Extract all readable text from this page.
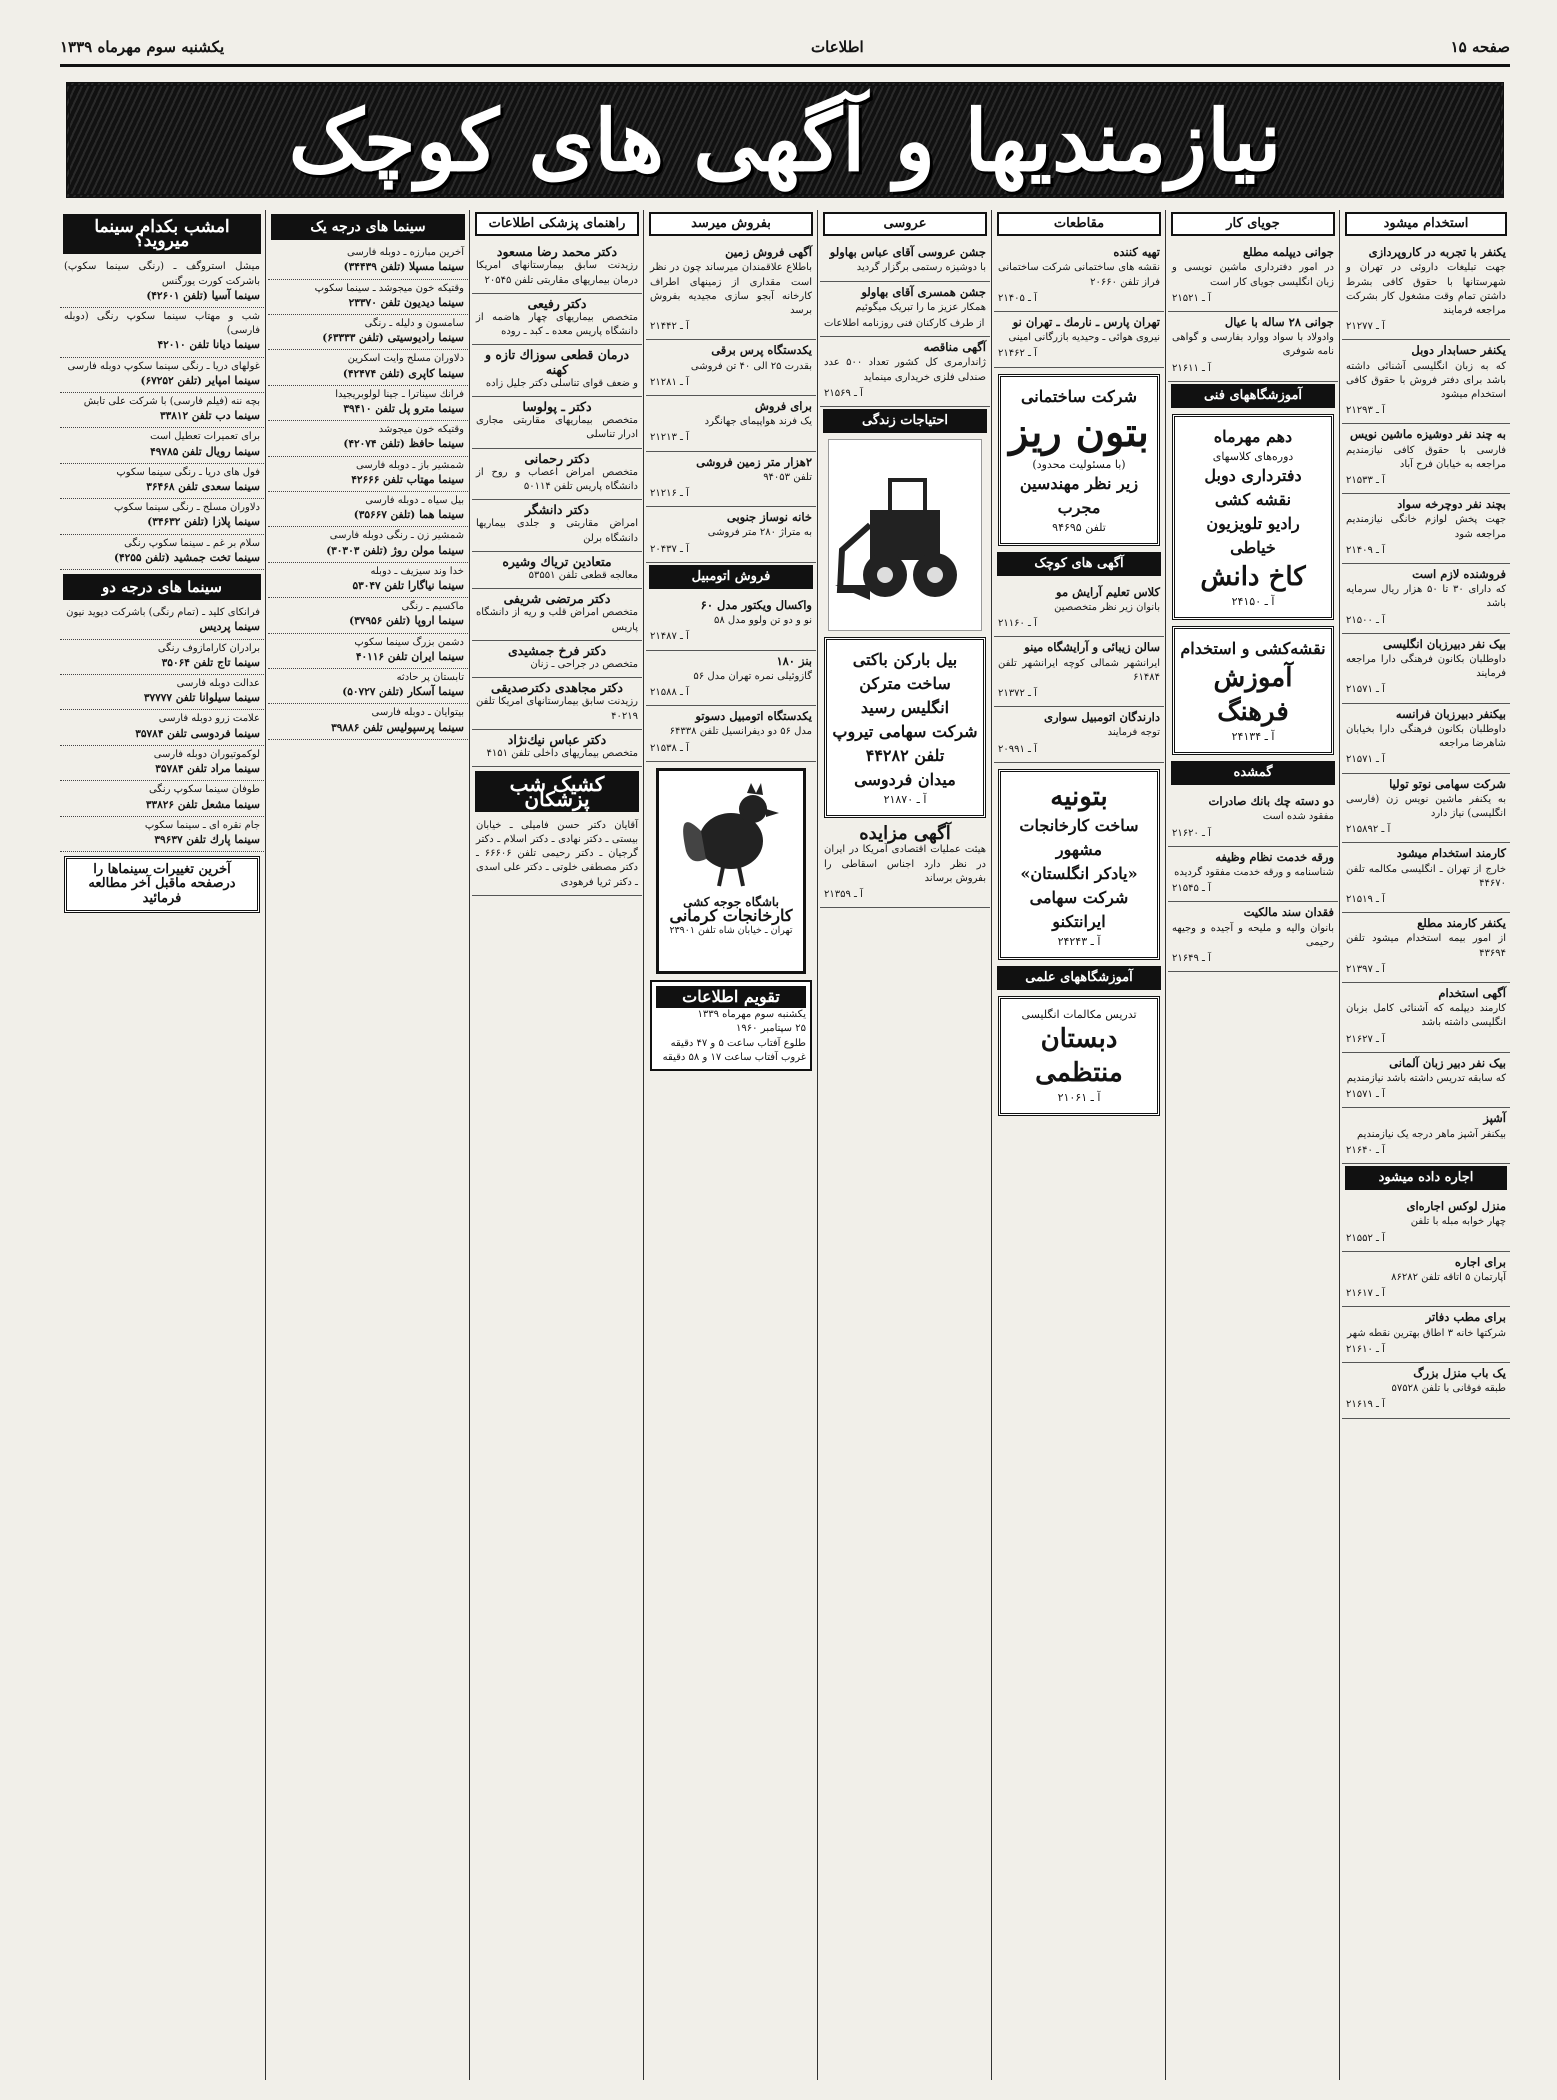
صفحه ۱۵
اطلاعات
یکشنبه سوم مهرماه ۱۳۳۹
نیازمندیها و آگهی های کوچک
استخدام میشود
یکنفر با تجربه در کاروپردازی
جهت تبلیغات داروئی در تهران و شهرستانها با حقوق کافی بشرط داشتن تمام وقت مشغول کار بشرکت مراجعه فرمایند
آ ـ ۲۱۲۷۷
یکنفر حسابدار دوبل
که به زبان انگلیسی آشنائی داشته باشد برای دفتر فروش با حقوق کافی استخدام میشود
آ ـ ۲۱۲۹۳
به چند نفر دوشیزه ماشین نویس
فارسی با حقوق کافی نیازمندیم مراجعه به خیابان فرح آباد
آ ـ ۲۱۵۳۳
بچند نفر دوچرخه سواد
جهت پخش لوازم خانگی نیازمندیم مراجعه شود
آ ـ ۲۱۴۰۹
فروشنده لازم است
که دارای ۳۰ تا ۵۰ هزار ریال سرمایه باشد
آ ـ ۲۱۵۰۰
بیک نفر دبیرزبان انگلیسی
داوطلبان بکانون فرهنگی دارا مراجعه فرمایند
آ ـ ۲۱۵۷۱
بیکنفر دبیرزبان فرانسه
داوطلبان بکانون فرهنگی دارا بخیابان شاهرضا مراجعه
آ ـ ۲۱۵۷۱
شرکت سهامی نوتو تولیا
به یکنفر ماشین نویس زن (فارسی انگلیسی) نیاز دارد
آ ـ ۲۱۵۸۹۲
کارمند استخدام میشود
خارج از تهران ـ انگلیسی مکالمه تلفن ۴۴۶۷۰
آ ـ ۲۱۵۱۹
یکنفر کارمند مطلع
از امور بیمه استخدام میشود تلفن ۴۳۶۹۴
آ ـ ۲۱۳۹۷
آگهی استخدام
کارمند دیپلمه که آشنائی کامل بزبان انگلیسی داشته باشد
آ ـ ۲۱۶۲۷
بیک نفر دبیر زبان آلمانی
که سابقه تدریس داشته باشد نیازمندیم
آ ـ ۲۱۵۷۱
آشپز
بیکنفر آشپز ماهر درجه یک نیازمندیم
آ ـ ۲۱۶۴۰
اجاره داده میشود
منزل لوکس اجاره‌ای
چهار خوابه مبله با تلفن
آ ـ ۲۱۵۵۲
برای اجاره
آپارتمان ۵ اتاقه تلفن ۸۶۲۸۲
آ ـ ۲۱۶۱۷
برای مطب دفاتر
شرکتها خانه ۳ اطاق بهترین نقطه شهر
آ ـ ۲۱۶۱۰
یک باب منزل بزرگ
طبقه فوقانی با تلفن ۵۷۵۲۸
آ ـ ۲۱۶۱۹
جویای کار
جوانی دیپلمه مطلع
در امور دفترداری ماشین نویسی و زبان انگلیسی جویای کار است
آ ـ ۲۱۵۲۱
جوانی ۲۸ ساله با عیال
وادولاد با سواد ووارد بفارسی و گواهی نامه شوفری
آ ـ ۲۱۶۱۱
آموزشگاههای فنی
دهم مهرماه
دوره‌های کلاسهای
دفترداری دوبل
نقشه کشی
رادیو تلویزیون
خیاطی
کاخ دانش
آ ـ ۲۴۱۵۰
نقشه‌کشی و استخدام
آموزش فرهنگ
آ ـ ۲۴۱۳۴
گمشده
دو دسته چك بانك صادرات
مفقود شده است
آ ـ ۲۱۶۲۰
ورقه خدمت نظام وظیفه
شناسنامه و ورقه خدمت مفقود گردیده
آ ـ ۲۱۵۴۵
فقدان سند مالکیت
بانوان والیه و ملیحه و آجیده و وجیهه رحیمی
آ ـ ۲۱۶۴۹
مقاطعات
تهیه کننده
نقشه های ساختمانی شرکت ساختمانی فراز تلفن ۲۰۶۶۰
آ ـ ۲۱۴۰۵
تهران پارس ـ نارمك ـ تهران نو
نیروی هوائی ـ وحیدیه بازرگانی امینی
آ ـ ۲۱۴۶۲
شرکت ساختمانی
بتون ریز
(با مسئولیت محدود)
زیر نظر مهندسین مجرب
تلفن ۹۴۶۹۵
آگهی های کوچک
کلاس تعلیم آرایش مو
بانوان زیر نظر متخصصین
آ ـ ۲۱۱۶۰
سالن زیبائی و آرایشگاه مینو
ایرانشهر شمالی کوچه ایرانشهر تلفن ۶۱۴۸۴
آ ـ ۲۱۳۷۲
دارندگان اتومبیل سواری
توجه فرمایند
آ ـ ۲۰۹۹۱
بتونیه
ساخت کارخانجات مشهور
«یادکر انگلستان»
شرکت سهامی ایرانتکنو
آ ـ ۲۴۲۴۳
آموزشگاههای علمی
تدریس مکالمات انگلیسی
دبستان منتظمی
آ ـ ۲۱۰۶۱
عروسی
جشن عروسی آقای عباس بهاولو
با دوشیزه رستمی برگزار گردید
جشن همسری آقای بهاولو
همکار عزیز ما را تبریک میگوئیم
از طرف کارکنان فنی روزنامه اطلاعات
آگهی مناقصه
ژاندارمری کل کشور تعداد ۵۰۰ عدد صندلی فلزی خریداری مینماید
آ ـ ۲۱۵۶۹
احتیاجات زندگی
بیل بارکن باکتی ساخت مترکن
انگلیس رسید
شرکت سهامی تیروپ
تلفن ۴۴۲۸۲
میدان فردوسی
آ ـ ۲۱۸۷۰
آگهی مزایده
هیئت عملیات اقتصادی آمریکا در ایران در نظر دارد اجناس اسقاطی را بفروش برساند
آ ـ ۲۱۳۵۹
بفروش میرسد
آگهی فروش زمین
باطلاع علاقمندان میرساند چون در نظر است مقداری از زمینهای اطراف کارخانه آبجو سازی مجیدیه بفروش برسد
آ ـ ۲۱۴۴۲
یکدستگاه پرس برقی
بقدرت ۲۵ الی ۴۰ تن فروشی
آ ـ ۲۱۲۸۱
برای فروش
یک فرند هواپیمای جهانگرد
آ ـ ۲۱۲۱۳
۲هزار متر زمین فروشی
تلفن ۹۴۰۵۳
آ ـ ۲۱۲۱۶
خانه نوساز جنوبی
به متراژ ۲۸۰ متر فروشی
آ ـ ۲۰۴۳۷
فروش اتومبیل
واکسال ویکتور مدل ۶۰
نو و دو تن ولوو مدل ۵۸
آ ـ ۲۱۴۸۷
بنز ۱۸۰
گازوئیلی نمره تهران مدل ۵۶
آ ـ ۲۱۵۸۸
یکدستگاه اتومبیل دسوتو
مدل ۵۶ دو دیفرانسیل تلفن ۶۴۳۳۸
آ ـ ۲۱۵۳۸
باشگاه جوجه کشی
کارخانجات کرمانی
تهران ـ خیابان شاه تلفن ۲۳۹۰۱
تقویم اطلاعات
یکشنبه سوم مهرماه ۱۳۳۹
۲۵ سپتامبر ۱۹۶۰
طلوع آفتاب ساعت ۵ و ۴۷ دقیقه
غروب آفتاب ساعت ۱۷ و ۵۸ دقیقه
راهنمای پزشکی اطلاعات
دکتر محمد رضا مسعود
رزیدنت سابق بیمارستانهای امریکا درمان بیماریهای مقاربتی تلفن ۲۰۵۴۵
دکتر رفیعی
متخصص بیماریهای چهار هاضمه از دانشگاه پاریس معده ـ کبد ـ روده
درمان قطعی سوزاك تازه و کهنه
و ضعف قوای تناسلی دکتر جلیل زاده
دکتر ـ پولوسا
متخصص بیماریهای مقاربتی مجاری ادرار تناسلی
دکتر رحمانی
متخصص امراض اعصاب و روح از دانشگاه پاریس تلفن ۵۰۱۱۴
دکتر دانشگر
امراض مقاربتی و جلدی بیماریها دانشگاه برلن
متعادین تریاك وشیره
معالجه قطعی تلفن ۵۳۵۵۱
دکتر مرتضی شریفی
متخصص امراض قلب و ریه از دانشگاه پاریس
دکتر فرخ جمشیدی
متخصص در جراحی ـ زنان
دکتر مجاهدی دکترصدیقی
رزیدنت سابق بیمارستانهای امریکا تلفن ۴۰۲۱۹
دکتر عباس نیك‌نژاد
متخصص بیماریهای داخلی تلفن ۴۱۵۱
کشیک شب پزشکان
آقایان دکتر حسن فامیلی ـ خیابان بیستی ـ دکتر نهادی ـ دکتر اسلام ـ دکتر گرجیان ـ دکتر رحیمی تلفن ۶۶۶۰۶ ـ دکتر مصطفی خلوتی ـ دکتر علی اسدی ـ دکتر ثریا فرهودی
سینما های درجه یک
آخرین مبارزه ـ دوبله فارسی
سینما مسپلا (تلفن ۳۴۴۳۹)
وقتیکه خون میجوشد ـ سینما سکوپ
سینما دیدیون تلفن ۲۳۳۷۰
سامسون و دلیله ـ رنگی
سینما رادیوسیتی (تلفن ۶۳۳۳۳)
دلاوران مسلح وایت اسکرین
سینما کاپری (تلفن ۴۲۴۷۴)
فرانك سیناترا ـ جینا لولوبریجیدا
سینما مترو پل تلفن ۳۹۴۱۰
وقتیکه خون میجوشد
سینما حافظ (تلفن ۴۲۰۷۴)
شمشیر باز ـ دوبله فارسی
سینما مهتاب تلفن ۴۲۶۶۶
بیل سیاه ـ دوبله فارسی
سینما هما (تلفن ۳۵۶۶۷)
شمشیر زن ـ رنگی دوبله فارسی
سینما مولن روژ (تلفن ۳۰۳۰۳)
خدا وند سیزیف ـ دوبله
سینما نیاگارا تلفن ۵۳۰۴۷
ماکسیم ـ رنگی
سینما اروپا (تلفن ۳۷۹۵۶)
دشمن بزرگ سینما سکوپ
سینما ایران تلفن ۴۰۱۱۶
تابستان پر حادثه
سینما آسکار (تلفن ۵۰۷۲۷)
بیتوایان ـ دوبله فارسی
سینما پرسپولیس تلفن ۳۹۸۸۶
امشب بکدام سینما میروید؟
میشل استروگف ـ (رنگی سینما سکوپ) باشرکت کورت یورگنس
سینما آسیا (تلفن ۴۲۶۰۱)
شب و مهتاب سینما سکوپ رنگی (دوبله فارسی)
سینما دیانا تلفن ۴۲۰۱۰
غولهای دریا ـ رنگی سینما سکوپ دوبله فارسی
سینما امپایر (تلفن ۶۷۲۵۲)
بچه ننه (فیلم فارسی) با شرکت علی تابش
سینما دب تلفن ۳۳۸۱۲
برای تعمیرات تعطیل است
سینما رویال تلفن ۴۹۷۸۵
فول های دریا ـ رنگی سینما سکوپ
سینما سعدی تلفن ۳۶۴۶۸
دلاوران مسلح ـ رنگی سینما سکوپ
سینما پلازا (تلفن ۳۴۶۳۲)
سلام بر غم ـ سینما سکوپ رنگی
سینما تخت جمشید (تلفن ۴۲۵۵)
سینما های درجه دو
فرانکای کلید ـ (تمام رنگی) باشرکت دیوید نیون
سینما پردیس
برادران کارامازوف رنگی
سینما تاج تلفن ۳۵۰۶۴
عدالت دوبله فارسی
سینما سیلوانا تلفن ۳۷۷۷۷
علامت زرو دوبله فارسی
سینما فردوسی تلفن ۳۵۷۸۴
لوکموتیوران دوبله فارسی
سینما مراد تلفن ۳۵۷۸۴
طوفان سینما سکوپ رنگی
سینما مشعل تلفن ۳۳۸۲۶
جام نقره ای ـ سینما سکوپ
سینما پارك تلفن ۳۹۶۳۷
آخرین تغییرات سینماها را درصفحه ماقبل آخر مطالعه فرمائید
